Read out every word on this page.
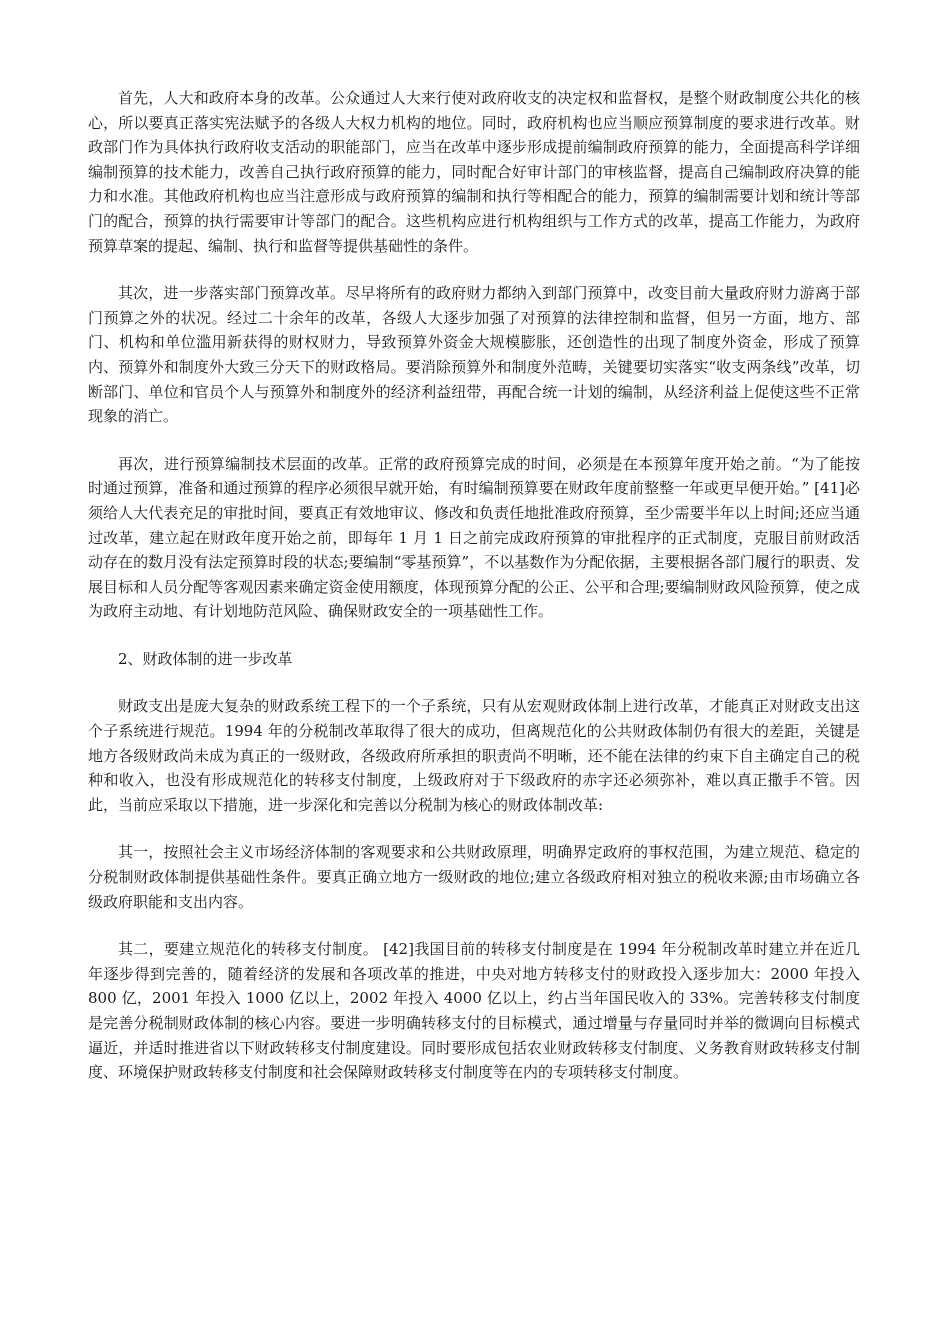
首先，人大和政府本身的改革。公众通过人大来行使对政府收支的决定权和监督权，是整个财政制度公共化的核心，所以要真正落实宪法赋予的各级人大权力机构的地位。同时，政府机构也应当顺应预算制度的要求进行改革。财政部门作为具体执行政府收支活动的职能部门，应当在改革中逐步形成提前编制政府预算的能力，全面提高科学详细编制预算的技术能力，改善自己执行政府预算的能力，同时配合好审计部门的审核监督，提高自己编制政府决算的能力和水准。其他政府机构也应当注意形成与政府预算的编制和执行等相配合的能力，预算的编制需要计划和统计等部门的配合，预算的执行需要审计等部门的配合。这些机构应进行机构组织与工作方式的改革，提高工作能力，为政府预算草案的提起、编制、执行和监督等提供基础性的条件。

其次，进一步落实部门预算改革。尽早将所有的政府财力都纳入到部门预算中，改变目前大量政府财力游离于部门预算之外的状况。经过二十余年的改革，各级人大逐步加强了对预算的法律控制和监督，但另一方面，地方、部门、机构和单位滥用新获得的财权财力，导致预算外资金大规模膨胀，还创造性的出现了制度外资金，形成了预算内、预算外和制度外大致三分天下的财政格局。要消除预算外和制度外范畴，关键要切实落实“收支两条线”改革，切断部门、单位和官员个人与预算外和制度外的经济利益纽带，再配合统一计划的编制，从经济利益上促使这些不正常现象的消亡。

再次，进行预算编制技术层面的改革。正常的政府预算完成的时间，必须是在本预算年度开始之前。“为了能按时通过预算，准备和通过预算的程序必须很早就开始，有时编制预算要在财政年度前整整一年或更早便开始。” [41]必须给人大代表充足的审批时间，要真正有效地审议、修改和负责任地批准政府预算，至少需要半年以上时间;还应当通过改革，建立起在财政年度开始之前，即每年 1 月 1 日之前完成政府预算的审批程序的正式制度，克服目前财政活动存在的数月没有法定预算时段的状态;要编制“零基预算”，不以基数作为分配依据，主要根据各部门履行的职责、发展目标和人员分配等客观因素来确定资金使用额度，体现预算分配的公正、公平和合理;要编制财政风险预算，使之成为政府主动地、有计划地防范风险、确保财政安全的一项基础性工作。

2、财政体制的进一步改革

财政支出是庞大复杂的财政系统工程下的一个子系统，只有从宏观财政体制上进行改革，才能真正对财政支出这个子系统进行规范。1994 年的分税制改革取得了很大的成功，但离规范化的公共财政体制仍有很大的差距，关键是地方各级财政尚未成为真正的一级财政，各级政府所承担的职责尚不明晰，还不能在法律的约束下自主确定自己的税种和收入，也没有形成规范化的转移支付制度，上级政府对于下级政府的赤字还必须弥补，难以真正撒手不管。因此，当前应采取以下措施，进一步深化和完善以分税制为核心的财政体制改革:

其一，按照社会主义市场经济体制的客观要求和公共财政原理，明确界定政府的事权范围，为建立规范、稳定的分税制财政体制提供基础性条件。要真正确立地方一级财政的地位;建立各级政府相对独立的税收来源;由市场确立各级政府职能和支出内容。

其二，要建立规范化的转移支付制度。 [42]我国目前的转移支付制度是在 1994 年分税制改革时建立并在近几年逐步得到完善的，随着经济的发展和各项改革的推进，中央对地方转移支付的财政投入逐步加大：2000 年投入 800 亿，2001 年投入 1000 亿以上，2002 年投入 4000 亿以上，约占当年国民收入的 33%。完善转移支付制度是完善分税制财政体制的核心内容。要进一步明确转移支付的目标模式，通过增量与存量同时并举的微调向目标模式逼近，并适时推进省以下财政转移支付制度建设。同时要形成包括农业财政转移支付制度、义务教育财政转移支付制度、环境保护财政转移支付制度和社会保障财政转移支付制度等在内的专项转移支付制度。
